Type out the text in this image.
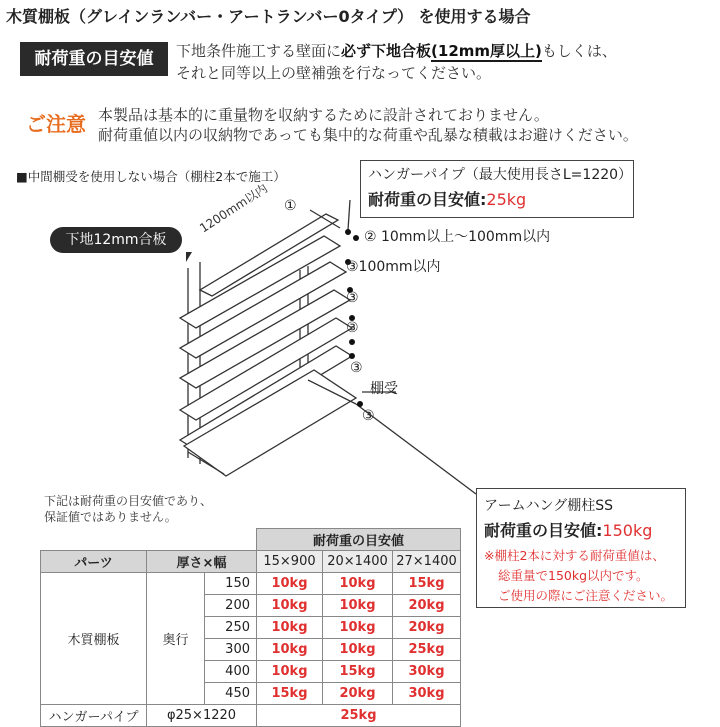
木質棚板（グレインランバー・アートランバー0タイプ） を使用する場合
耐荷重の目安値	下地条件施工する壁面に必ず下地合板(12mm厚以上)もしくは、
それと同等以上の壁補強を行なってください。
ご注意 本製品は基本的に重量物を収納するために設計されておりません。
耐荷重値以内の収納物であっても集中的な荷重や乱暴な積載はお避けください。
■中間棚受を使用しない場合（棚柱2本で施工）
下地12mm合板
1200mm以内 ①
② 10mm以上～100mm以内
③100mm以内
③
③
③
棚受
③
ハンガーパイプ（最大使用長さL=1220）
耐荷重の目安値:25kg
アームハング棚柱SS
耐荷重の目安値:150kg
※棚柱2本に対する耐荷重値は、
総重量で150kg以内です。
ご使用の際にご注意ください。
下記は耐荷重の目安値であり、
保証値ではありません。
			耐荷重の目安値		
パーツ	厚さ×幅		15×900	20×1400	27×1400
木質棚板	奥行	150	10kg	10kg	15kg
		200	10kg	10kg	20kg
		250	10kg	10kg	20kg
		300	10kg	10kg	25kg
		400	10kg	15kg	30kg
		450	15kg	20kg	30kg
ハンガーパイプ	φ25×1220		25kg		
